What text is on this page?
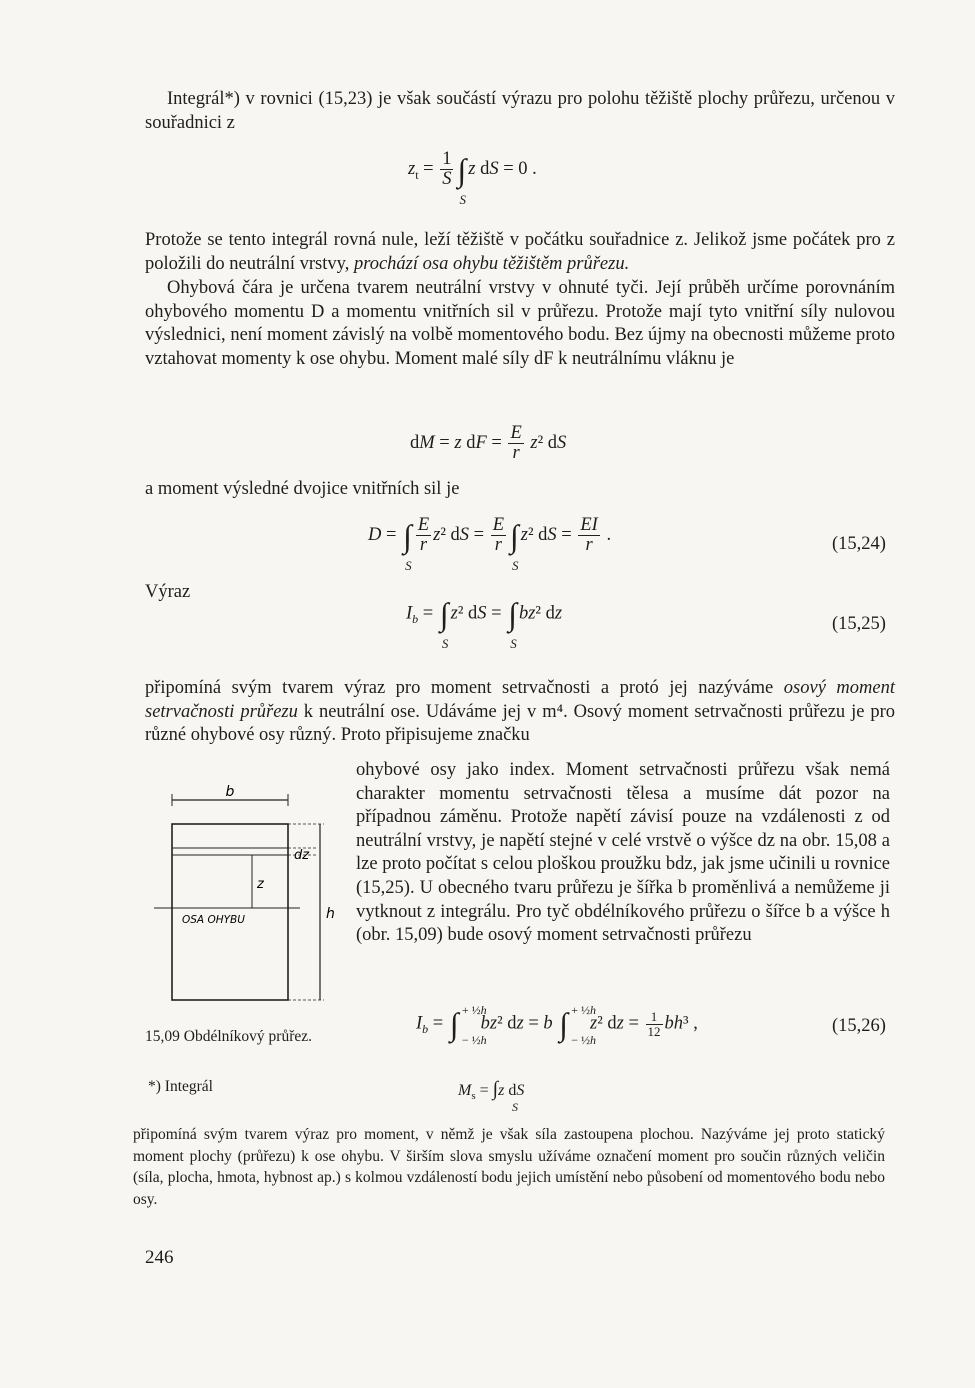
Integrál*) v rovnici (15,23) je však součástí výrazu pro polohu těžiště plochy průřezu, určenou v souřadnici z
$z_t = \frac{1}{S}$ ∫
S
z dS = 0 .
Protože se tento integrál rovná nule, leží těžiště v počátku souřadnice z. Jelikož jsme počátek pro z položili do neutrální vrstvy, prochází osa ohybu těžištěm průřezu.
Ohybová čára je určena tvarem neutrální vrstvy v ohnuté tyči. Její průběh určíme porovnáním ohybového momentu D a momentu vnitřních sil v průřezu. Protože mají tyto vnitřní síly nulovou výslednici, není moment závislý na volbě momentového bodu. Bez újmy na obecnosti můžeme proto vztahovat momenty k ose ohybu. Moment malé síly dF k neutrálnímu vláknu je
dM = z dF = $\frac{E}{r} z^2$ dS
a moment výsledné dvojice vnitřních sil je
D = ∫
S
$\frac{E}{r} z^2$ dS = $\frac{E}{r}$ ∫
S
z² dS = $\frac{EI}{r}$ .	(15,24)
Výraz
$I_b$ = ∫
S
z² dS = ∫
S
bz² dz
(15,25)
připomíná svým tvarem výraz pro moment setrvačnosti a protó jej nazýváme osový moment setrvačnosti průřezu k neutrální ose. Udáváme jej v m⁴. Osový moment setrvačnosti průřezu je pro různé ohybové osy různý. Proto připisujeme značku
ohybové osy jako index. Moment setrvačnosti průřezu však nemá charakter momentu setrvačnosti tělesa a musíme dát pozor na případnou záměnu. Protože napětí závisí pouze na vzdálenosti z od neutrální vrstvy, je napětí stejné v celé vrstvě o výšce dz na obr. 15,08 a lze proto počítat s celou ploškou proužku bdz, jak jsme učinili u rovnice (15,25). U obecného tvaru průřezu je šířka b proměnlivá a nemůžeme ji vytknout z integrálu. Pro tyč obdélníkového průřezu o šířce b a výšce h (obr. 15,09) bude osový moment setrvačnosti průřezu
b
OSA OHYBU
z
dz
h
15,09 Obdélníkový průřez.
$I_b$ = ∫ + ½h
− ½h
bz² dz = b ∫ + ½h
− ½h
z² dz = $\frac{1}{12} bh^3$ ,	(15,26)
*) Integrál	$M_s = \int z$ dS
S
připomíná svým tvarem výraz pro moment, v němž je však síla zastoupena plochou. Nazýváme jej proto statický moment plochy (průřezu) k ose ohybu. V širším slova smyslu užíváme označení moment pro součin různých veličin (síla, plocha, hmota, hybnost ap.) s kolmou vzdáleností bodu jejich umístění nebo působení od momentového bodu nebo osy.
246
